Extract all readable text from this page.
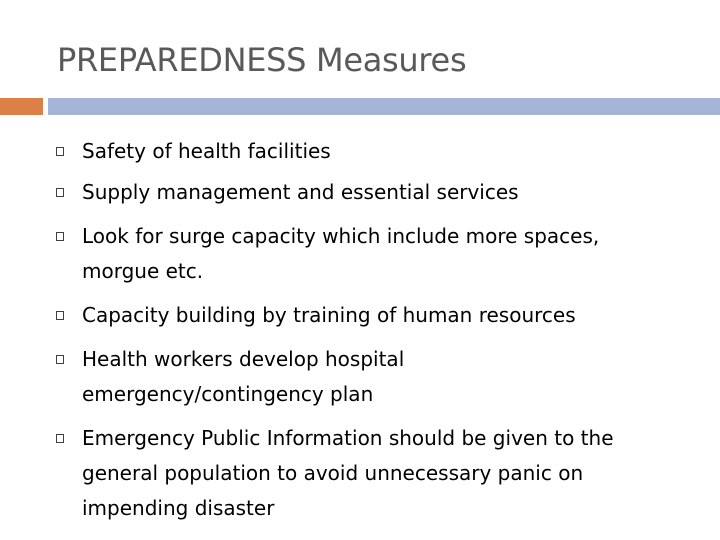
PREPAREDNESS Measures
Safety of health facilities
Supply management and essential services
Look for surge capacity which include more spaces,
morgue etc.
Capacity building by training of human resources
Health workers develop hospital
emergency/contingency plan
Emergency Public Information should be given to the
general population to avoid unnecessary panic on
impending disaster
